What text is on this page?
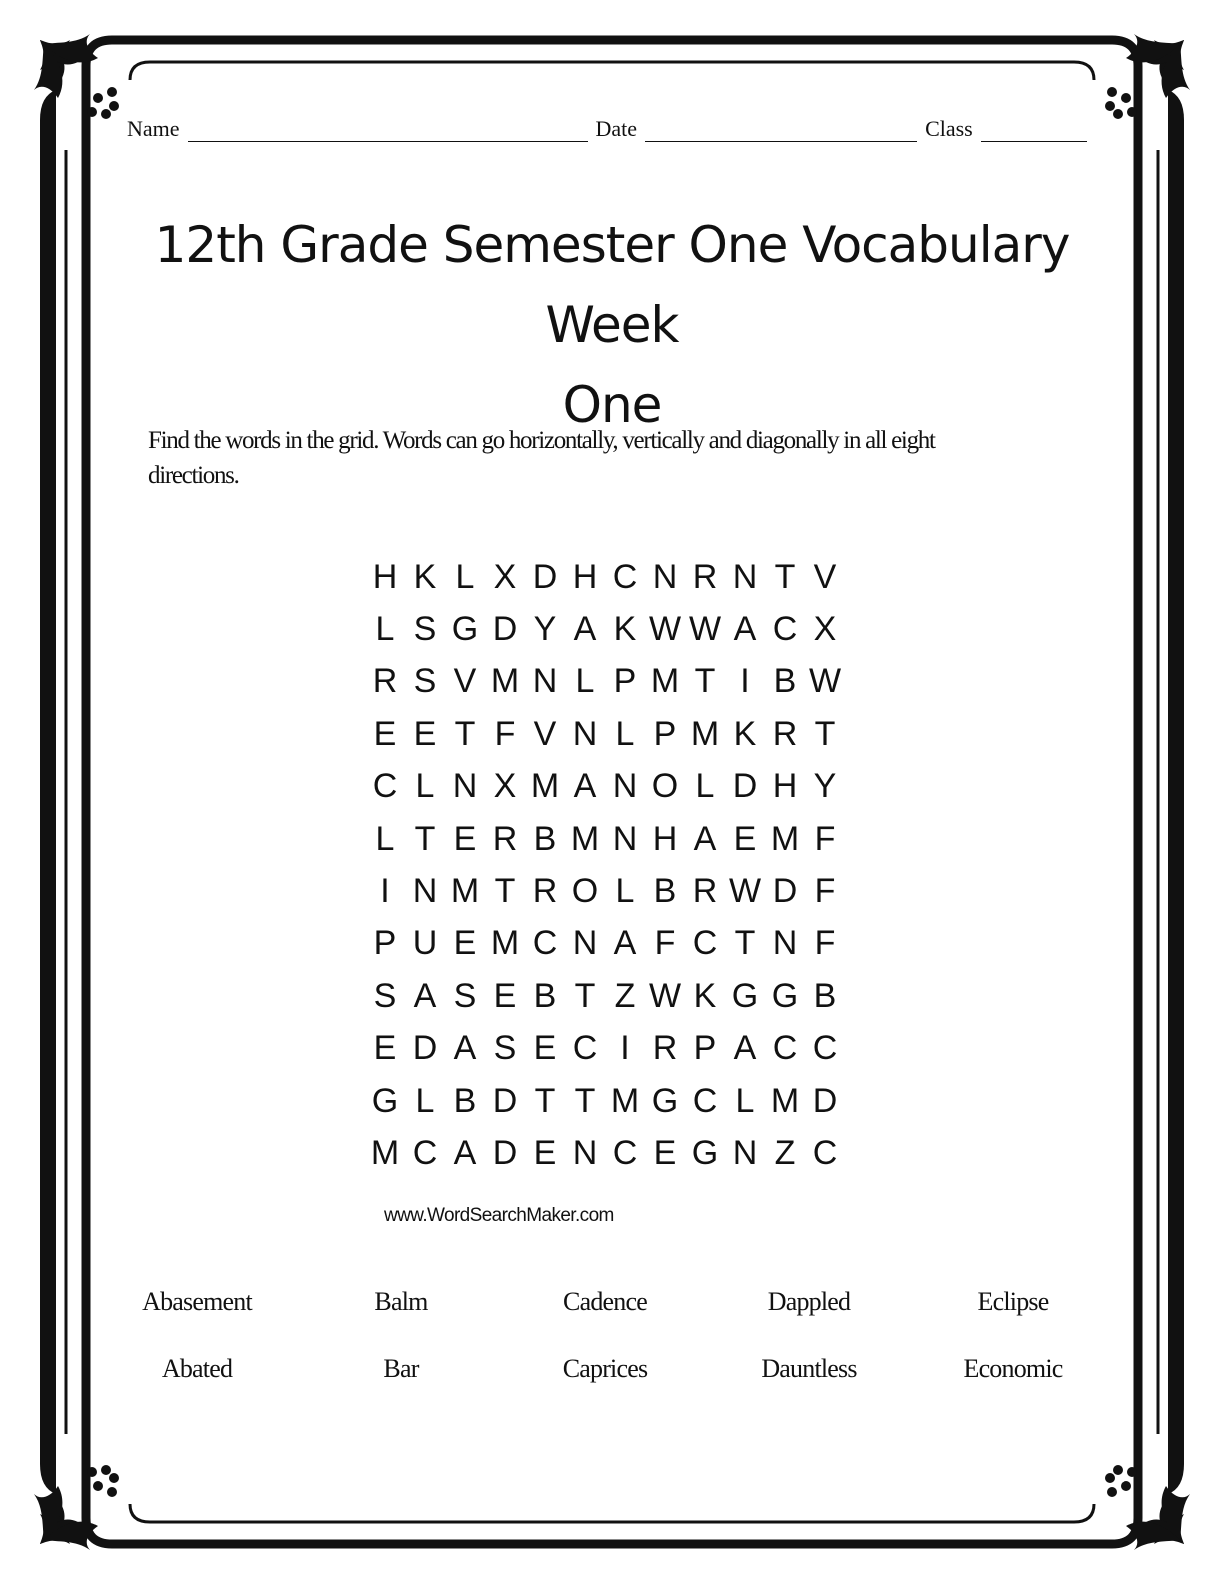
Name	Date	Class
12th Grade Semester One Vocabulary Week
One
Find the words in the grid. Words can go horizontally, vertically and diagonally in all eight
directions.
H K L X D H C N R N T V
L S G D Y A K W W A C X
R S V M N L P M T I B W
E E T F V N L P M K R T
C L N X M A N O L D H Y
L T E R B M N H A E M F
I N M T R O L B R W D F
P U E M C N A F C T N F
S A S E B T Z W K G G B
E D A S E C I R P A C C
G L B D T T M G C L M D
M C A D E N C E G N Z C
www.WordSearchMaker.com
Abasement	Balm	Cadence	Dappled	Eclipse
Abated	Bar	Caprices	Dauntless	Economic
